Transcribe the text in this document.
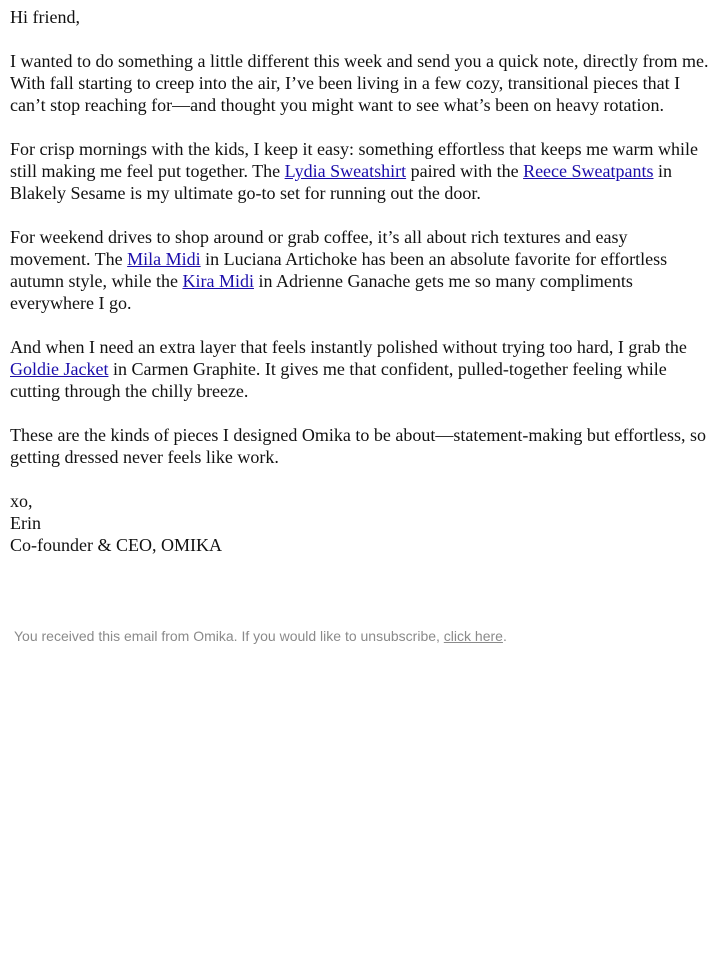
Hi friend,

I wanted to do something a little different this week and send you a quick note, directly from me. With fall starting to creep into the air, I’ve been living in a few cozy, transitional pieces that I can’t stop reaching for—and thought you might want to see what’s been on heavy rotation.

For crisp mornings with the kids, I keep it easy: something effortless that keeps me warm while still making me feel put together. The Lydia Sweatshirt paired with the Reece Sweatpants in Blakely Sesame is my ultimate go-to set for running out the door.

For weekend drives to shop around or grab coffee, it’s all about rich textures and easy movement. The Mila Midi in Luciana Artichoke has been an absolute favorite for effortless autumn style, while the Kira Midi in Adrienne Ganache gets me so many compliments everywhere I go.

And when I need an extra layer that feels instantly polished without trying too hard, I grab the Goldie Jacket in Carmen Graphite. It gives me that confident, pulled-together feeling while cutting through the chilly breeze.

These are the kinds of pieces I designed Omika to be about—statement-making but effortless, so getting dressed never feels like work.

xo,
Erin
Co-founder & CEO, OMIKA
You received this email from Omika. If you would like to unsubscribe, click here.
